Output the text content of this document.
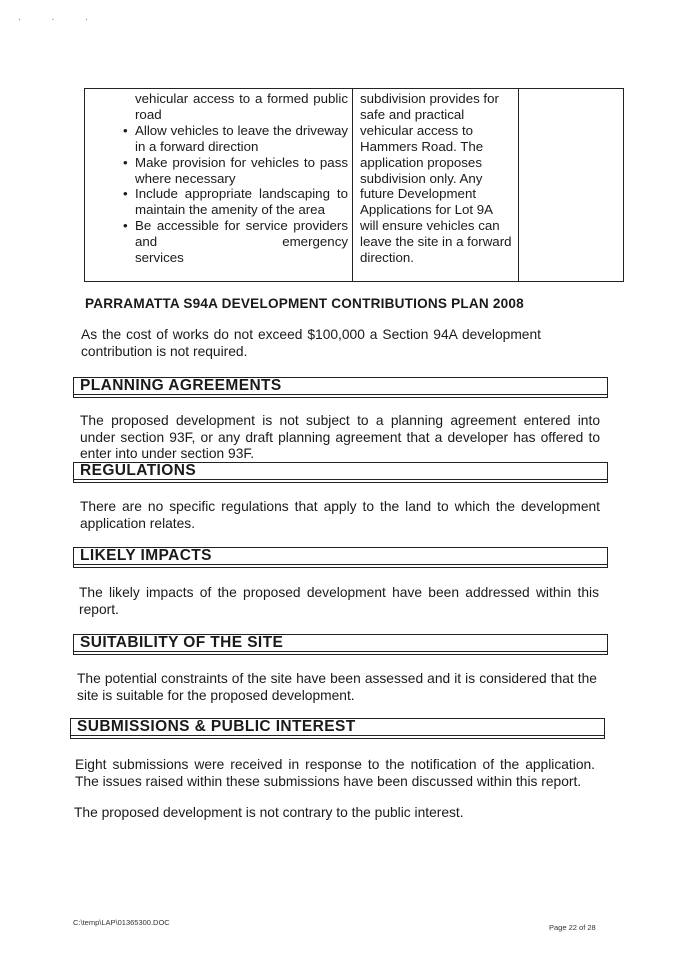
. . .
vehicular access to a formed public road
• Allow vehicles to leave the driveway in a forward direction
• Make provision for vehicles to pass where necessary
• Include appropriate landscaping to maintain the amenity of the area
• Be accessible for service providers and emergency
services
subdivision provides for safe and practical vehicular access to Hammers Road. The application proposes subdivision only. Any future Development Applications for Lot 9A will ensure vehicles can leave the site in a forward direction.
PARRAMATTA S94A DEVELOPMENT CONTRIBUTIONS PLAN 2008
As the cost of works do not exceed $100,000 a Section 94A development contribution is not required.
PLANNING AGREEMENTS
The proposed development is not subject to a planning agreement entered into under section 93F, or any draft planning agreement that a developer has offered to enter into under section 93F.
REGULATIONS
There are no specific regulations that apply to the land to which the development application relates.
LIKELY IMPACTS
The likely impacts of the proposed development have been addressed within this report.
SUITABILITY OF THE SITE
The potential constraints of the site have been assessed and it is considered that the site is suitable for the proposed development.
SUBMISSIONS & PUBLIC INTEREST
Eight submissions were received in response to the notification of the application. The issues raised within these submissions have been discussed within this report.
The proposed development is not contrary to the public interest.
C:\temp\LAP\01365300.DOC
Page 22 of 28
